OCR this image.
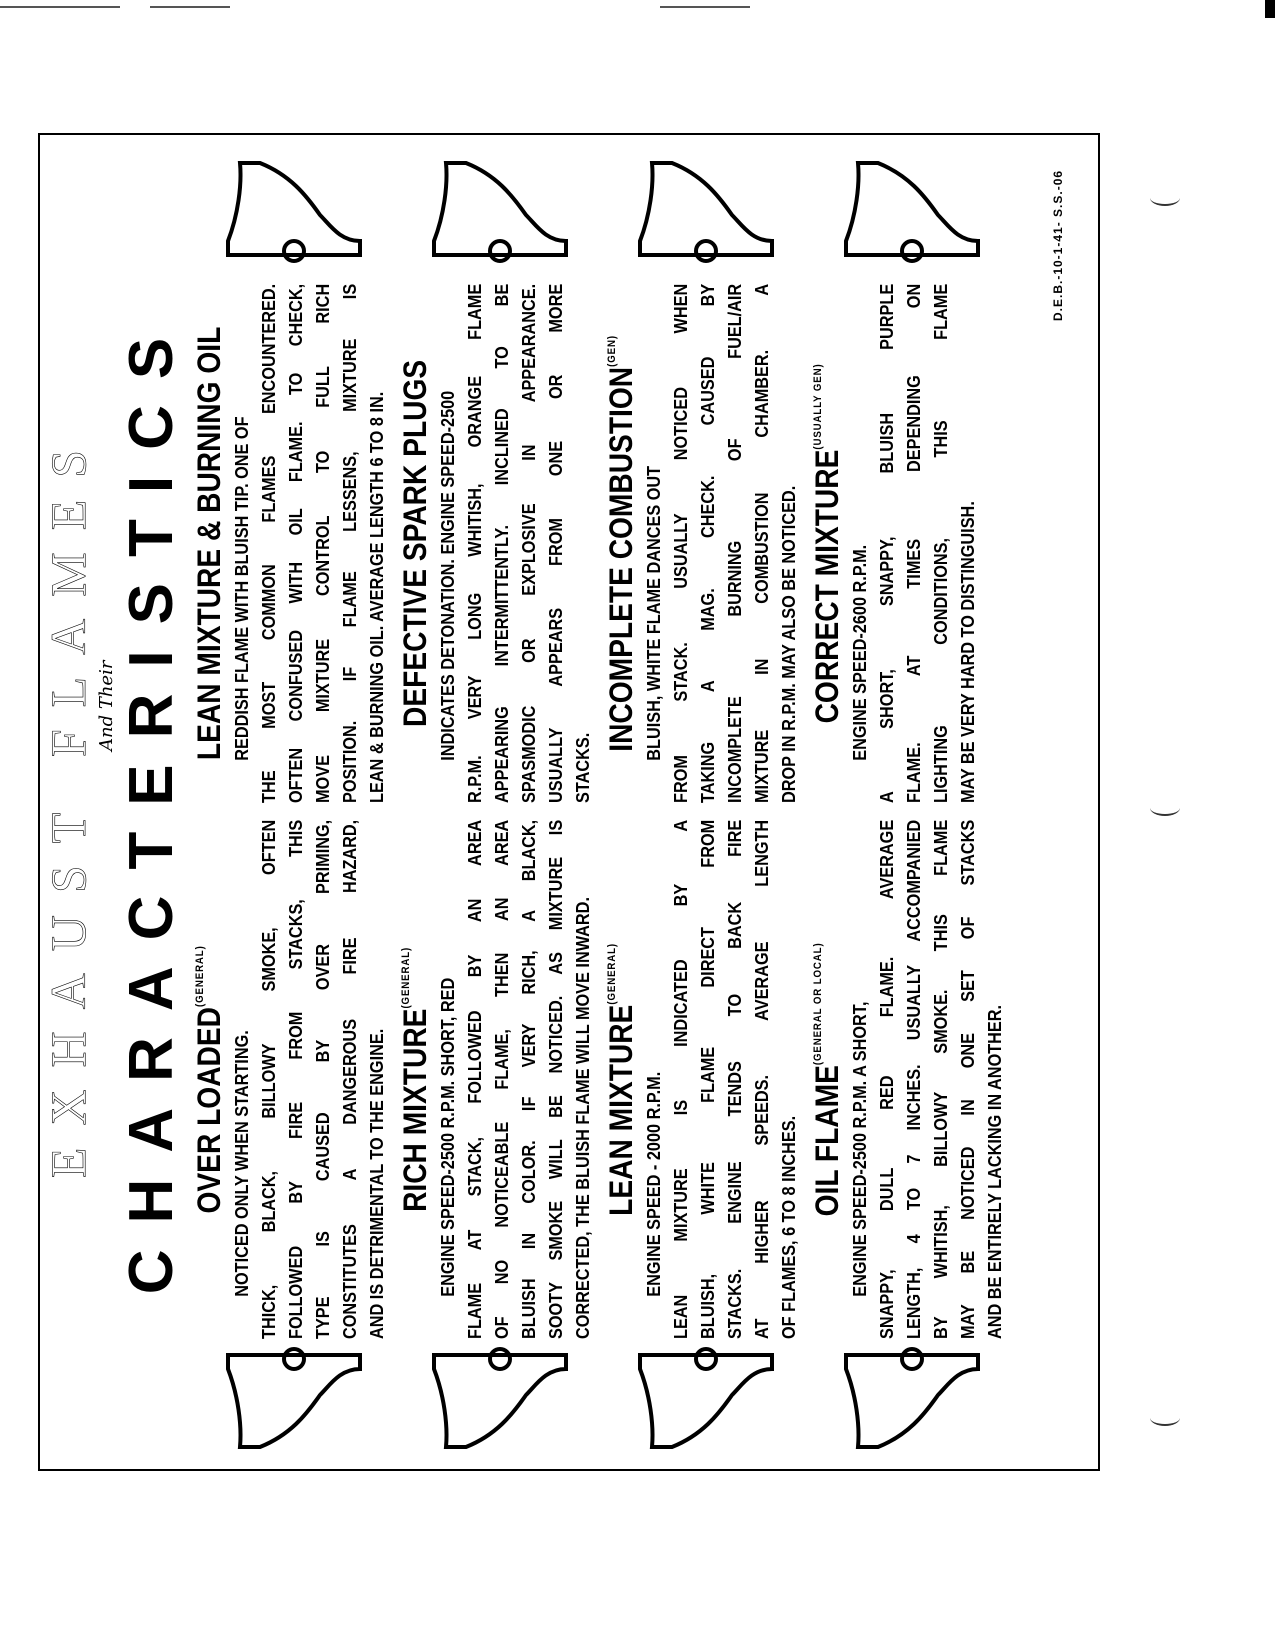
EXHAUST FLAMES And Their CHARACTERISTICS OVER $LOADED^{(GENERAL)}$
NOTICED ONLY WHEN STARTING. THICK, BLACK, BILLOWY SMOKE, OFTEN FOLLOWED BY FIRE FROM STACKS, THIS TYPE IS CAUSED BY OVER PRIMING, CONSTITUTES A DANGEROUS FIRE HAZARD, AND IS DETRIMENTAL TO THE ENGINE. RICH $MIXTURE^{(GENERAL)}$	ENGINE SPEED-2500 R.P.M. SHORT, RED FLAME AT STACK, FOLLOWED BY AN AREA OF NO NOTICEABLE FLAME, THEN AN AREA BLUISH IN COLOR. IF VERY RICH, A BLACK, SOOTY SMOKE WILL BE NOTICED. AS MIXTURE IS CORRECTED, THE BLUISH FLAME WILL MOVE INWARD. LEAN $MIXTURE^{(GENERAL)}$
ENGINE SPEED - 2000 R.P.M. LEAN MIXTURE IS INDICATED BY A BLUISH, WHITE FLAME DIRECT FROM STACKS. ENGINE TENDS TO BACK FIRE AT HIGHER SPEEDS. AVERAGE LENGTH OF FLAMES, 6 TO 8 INCHES. OIL $FLAME^{(GENERAL OR LOCAL)}$	ENGINE SPEED-2500 R.P.M. A SHORT, SNAPPY, DULL RED FLAME. AVERAGE LENGTH, 4 TO 7 INCHES. USUALLY ACCOMPANIED BY WHITISH, BILLOWY SMOKE. THIS FLAME MAY BE NOTICED IN ONE SET OF STACKS AND BE ENTIRELY LACKING IN ANOTHER.
LEAN MIXTURE & BURNING OIL REDDISH FLAME WITH BLUISH TIP. ONE OF THE MOST COMMON FLAMES ENCOUNTERED. OFTEN CONFUSED WITH OIL FLAME. TO CHECK, MOVE MIXTURE CONTROL TO FULL RICH POSITION. IF FLAME LESSENS, MIXTURE IS LEAN & BURNING OIL. AVERAGE LENGTH 6 TO 8 IN. DEFECTIVE SPARK PLUGS INDICATES DETONATION. ENGINE SPEED-2500 R.P.M. VERY LONG WHITISH, ORANGE FLAME APPEARING INTERMITTENTLY. INCLINED TO BE SPASMODIC OR EXPLOSIVE IN APPEARANCE. USUALLY APPEARS FROM ONE OR MORE STACKS.
INCOMPLETE $COMBUSTION^{(GEN)}$
BLUISH, WHITE FLAME DANCES OUT FROM STACK. USUALLY NOTICED WHEN TAKING A MAG. CHECK. CAUSED BY INCOMPLETE BURNING OF FUEL/AIR MIXTURE IN COMBUSTION CHAMBER. A DROP IN R.P.M. MAY ALSO BE NOTICED. CORRECT $MIXTURE^{(USUALLY GEN)}$
ENGINE SPEED-2600 R.P.M. A SHORT, SNAPPY, BLUISH PURPLE FLAME. AT TIMES DEPENDING ON LIGHTING CONDITIONS, THIS FLAME MAY BE VERY HARD TO DISTINGUISH.
D.E.B.-10-1-41- S.S.-06
